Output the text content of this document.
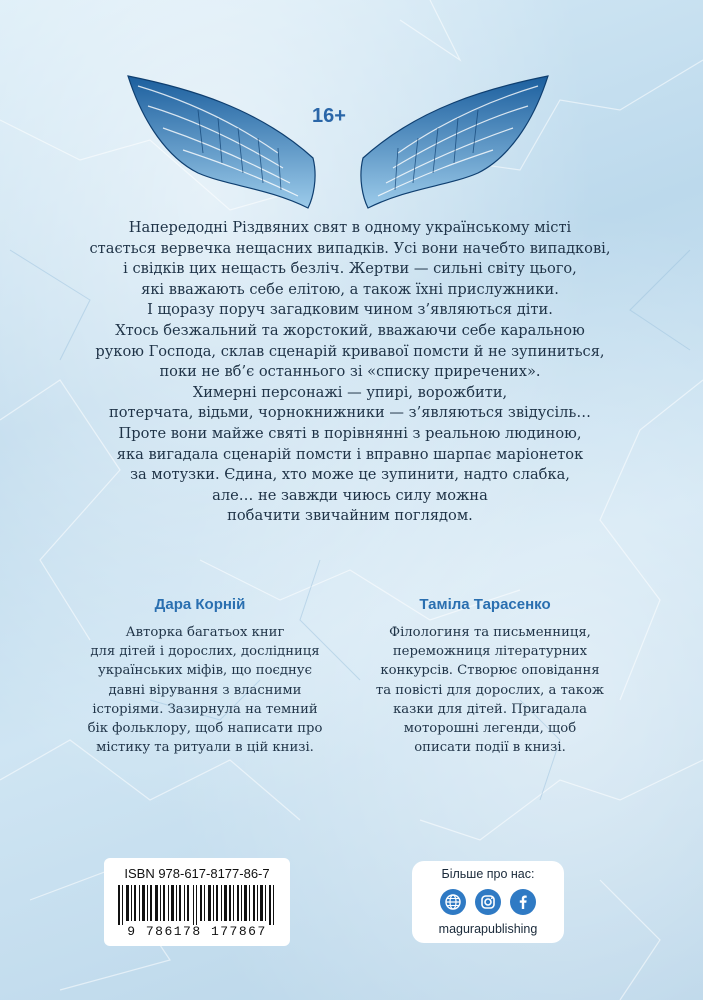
16+
Напередодні Різдвяних свят в одному українському місті
стається вервечка нещасних випадків. Усі вони начебто випадкові,
і свідків цих нещасть безліч. Жертви — сильні світу цього,
які вважають себе елітою, а також їхні прислужники.
І щоразу поруч загадковим чином з’являються діти.
Хтось безжальний та жорстокий, вважаючи себе каральною
рукою Господа, склав сценарій кривавої помсти й не зупиниться,
поки не вб’є останнього зі «списку приречених».
Химерні персонажі — упирі, ворожбити,
потерчата, відьми, чорнокнижники — з’являються звідусіль…
Проте вони майже святі в порівнянні з реальною людиною,
яка вигадала сценарій помсти і вправно шарпає маріонеток
за мотузки. Єдина, хто може це зупинити, надто слабка,
але… не завжди чиюсь силу можна
побачити звичайним поглядом.
Дара Корній
Авторка багатьох книг
для дітей і дорослих, дослідниця
українських міфів, що поєднує
давні вірування з власними
історіями. Зазирнула на темний
бік фольклору, щоб написати про
містику та ритуали в цій книзі.
Таміла Тарасенко
Філологиня та письменниця,
переможниця літературних
конкурсів. Створює оповідання
та повісті для дорослих, а також
казки для дітей. Пригадала
моторошні легенди, щоб
описати події в книзі.
ISBN 978-617-8177-86-7
9 786178 177867
Більше про нас:
magurapublishing
